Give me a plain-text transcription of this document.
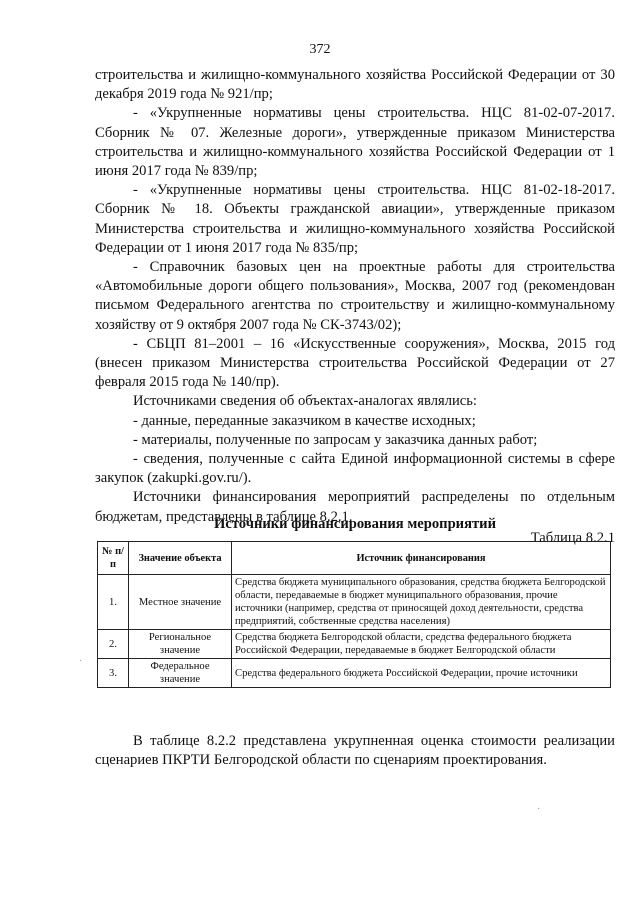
372

строительства и жилищно-коммунального хозяйства Российской Федерации от 30 декабря 2019 года № 921/пр;

- «Укрупненные нормативы цены строительства. НЦС 81-02-07-2017. Сборник № 07. Железные дороги», утвержденные приказом Министерства строительства и жилищно-коммунального хозяйства Российской Федерации от 1 июня 2017 года № 839/пр;

- «Укрупненные нормативы цены строительства. НЦС 81-02-18-2017. Сборник № 18. Объекты гражданской авиации», утвержденные приказом Министерства строительства и жилищно-коммунального хозяйства Российской Федерации от 1 июня 2017 года № 835/пр;

- Справочник базовых цен на проектные работы для строительства «Автомобильные дороги общего пользования», Москва, 2007 год (рекомендован письмом Федерального агентства по строительству и жилищно-коммунальному хозяйству от 9 октября 2007 года № СК-3743/02);

- СБЦП 81–2001 – 16 «Искусственные сооружения», Москва, 2015 год (внесен приказом Министерства строительства Российской Федерации от 27 февраля 2015 года № 140/пр).

Источниками сведения об объектах-аналогах являлись:

- данные, переданные заказчиком в качестве исходных;

- материалы, полученные по запросам у заказчика данных работ;

- сведения, полученные с сайта Единой информационной системы в сфере закупок (zakupki.gov.ru/).

Источники финансирования мероприятий распределены по отдельным бюджетам, представлены в таблице 8.2.1.

Таблица 8.2.1

Источники финансирования мероприятий
№ п/п	Значение объекта	Источник финансирования
1.	Местное значение	Средства бюджета муниципального образования, средства бюджета Белгородской области, передаваемые в бюджет муниципального образования, прочие источники (например, средства от приносящей доход деятельности, средства предприятий, собственные средства населения)
2.	Региональное значение	Средства бюджета Белгородской области, средства федерального бюджета Российской Федерации, передаваемые в бюджет Белгородской области
3.	Федеральное значение	Средства федерального бюджета Российской Федерации, прочие источники

В таблице 8.2.2 представлена укрупненная оценка стоимости реализации сценариев ПКРТИ Белгородской области по сценариям проектирования.

·
·
